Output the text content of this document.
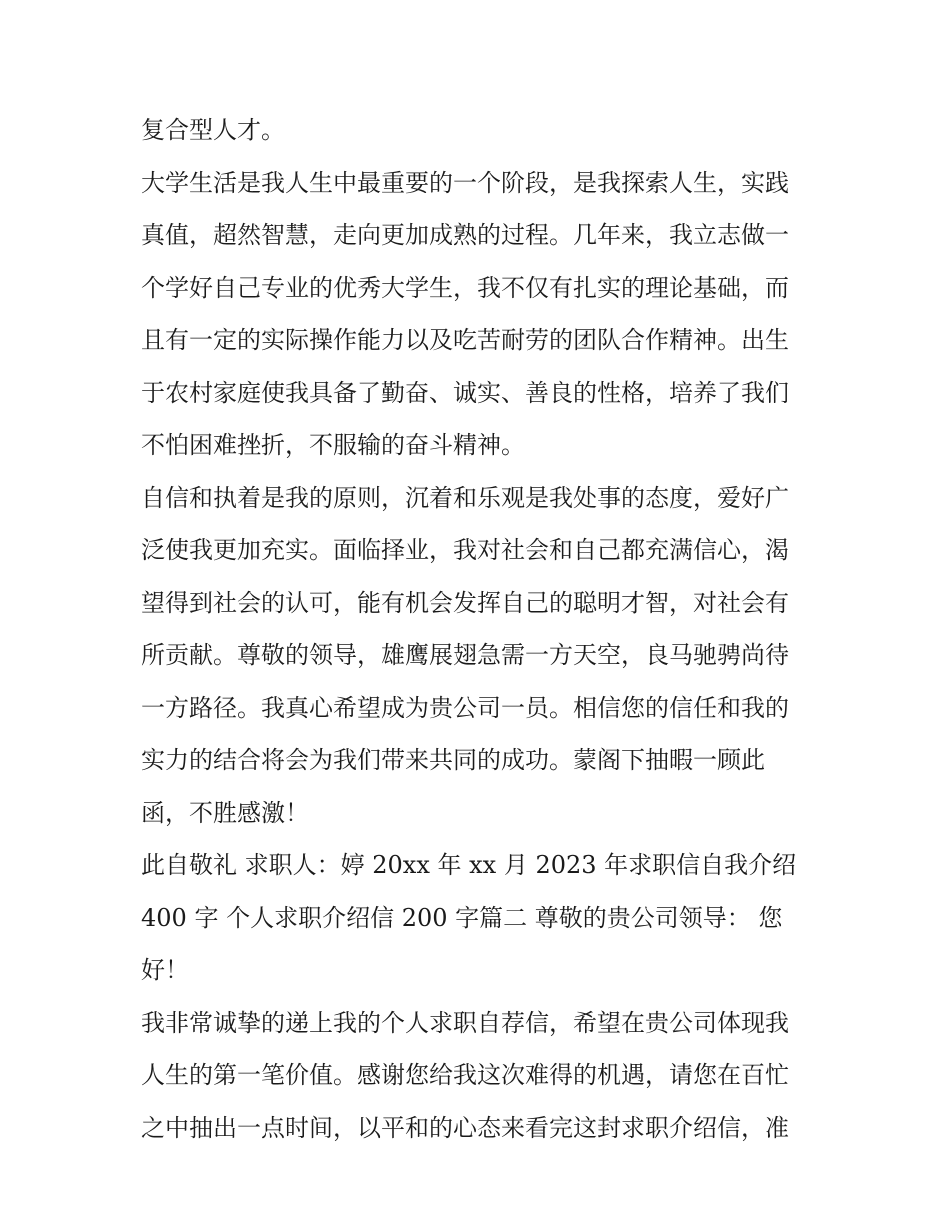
复合型人才。
大学生活是我人生中最重要的一个阶段，是我探索人生，实践
真值，超然智慧，走向更加成熟的过程。几年来，我立志做一
个学好自己专业的优秀大学生，我不仅有扎实的理论基础，而
且有一定的实际操作能力以及吃苦耐劳的团队合作精神。出生
于农村家庭使我具备了勤奋、诚实、善良的性格，培养了我们
不怕困难挫折，不服输的奋斗精神。
自信和执着是我的原则，沉着和乐观是我处事的态度，爱好广
泛使我更加充实。面临择业，我对社会和自己都充满信心，渴
望得到社会的认可，能有机会发挥自己的聪明才智，对社会有
所贡献。尊敬的领导，雄鹰展翅急需一方天空，良马驰骋尚待
一方路径。我真心希望成为贵公司一员。相信您的信任和我的
实力的结合将会为我们带来共同的成功。蒙阁下抽暇一顾此
函，不胜感激！
此自敬礼 求职人：婷 20xx 年 xx 月 2023 年求职信自我介绍
400 字 个人求职介绍信 200 字篇二 尊敬的贵公司领导： 您
好！
我非常诚挚的递上我的个人求职自荐信，希望在贵公司体现我
人生的第一笔价值。感谢您给我这次难得的机遇，请您在百忙
之中抽出一点时间，以平和的心态来看完这封求职介绍信，准
